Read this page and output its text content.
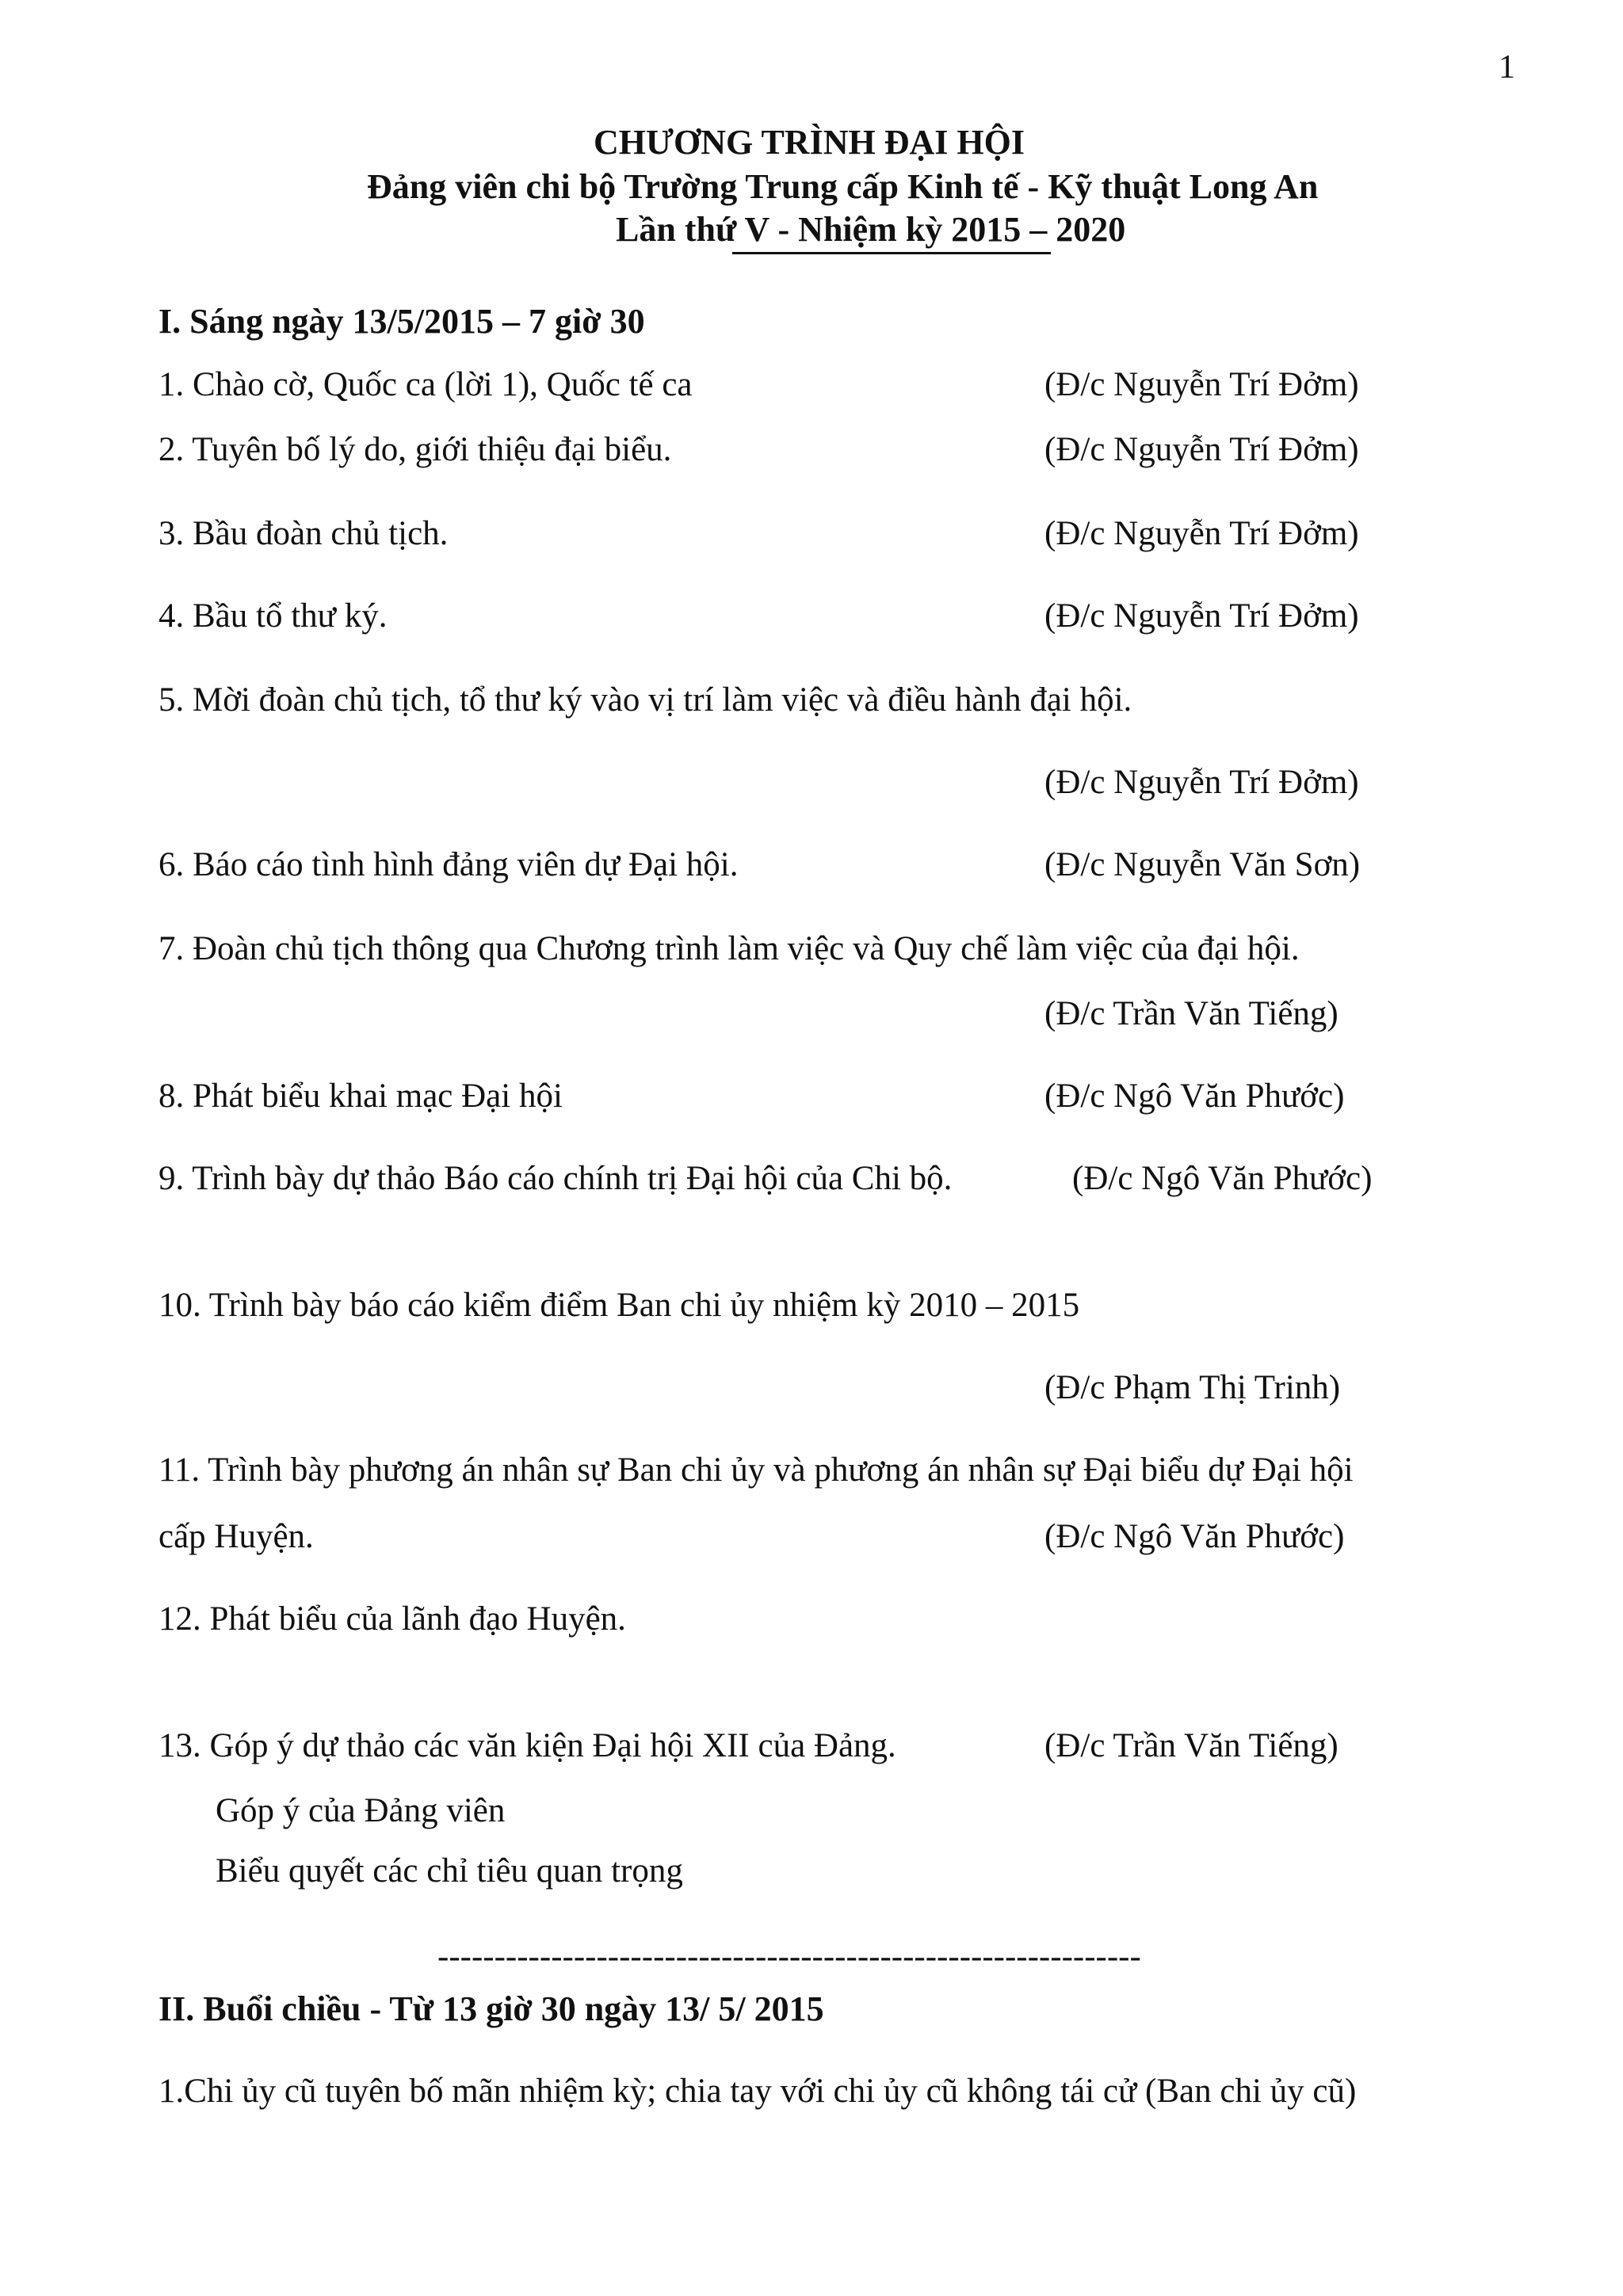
1
CHƯƠNG TRÌNH ĐẠI HỘI
Đảng viên chi bộ Trường Trung cấp Kinh tế - Kỹ thuật Long An
Lần thứ V - Nhiệm kỳ 2015 – 2020
I. Sáng ngày 13/5/2015 – 7 giờ 30
1. Chào cờ, Quốc ca (lời 1), Quốc tế ca	(Đ/c Nguyễn Trí Đởm)
2. Tuyên bố lý do, giới thiệu đại biểu.	(Đ/c Nguyễn Trí Đởm)
3. Bầu đoàn chủ tịch.	(Đ/c Nguyễn Trí Đởm)
4. Bầu tổ thư ký.	(Đ/c Nguyễn Trí Đởm)
5. Mời đoàn chủ tịch, tổ thư ký vào vị trí làm việc và điều hành đại hội.
(Đ/c Nguyễn Trí Đởm)
6. Báo cáo tình hình đảng viên dự Đại hội.	(Đ/c Nguyễn Văn Sơn)
7. Đoàn chủ tịch thông qua Chương trình làm việc và Quy chế làm việc của đại hội.
(Đ/c Trần Văn Tiếng)
8. Phát biểu khai mạc Đại hội	(Đ/c Ngô Văn Phước)
9. Trình bày dự thảo Báo cáo chính trị Đại hội của Chi bộ.	(Đ/c Ngô Văn Phước)
10. Trình bày báo cáo kiểm điểm Ban chi ủy nhiệm kỳ 2010 – 2015
(Đ/c Phạm Thị Trinh)
11. Trình bày phương án nhân sự Ban chi ủy và phương án nhân sự Đại biểu dự Đại hội
cấp Huyện.	(Đ/c Ngô Văn Phước)
12. Phát biểu của lãnh đạo Huyện.
13. Góp ý dự thảo các văn kiện Đại hội XII của Đảng.	(Đ/c Trần Văn Tiếng)
Góp ý của Đảng viên
Biểu quyết các chỉ tiêu quan trọng
--------------------------------------------------------------
II. Buổi chiều - Từ 13 giờ 30 ngày 13/ 5/ 2015
1.Chi ủy cũ tuyên bố mãn nhiệm kỳ; chia tay với chi ủy cũ không tái cử (Ban chi ủy cũ)
